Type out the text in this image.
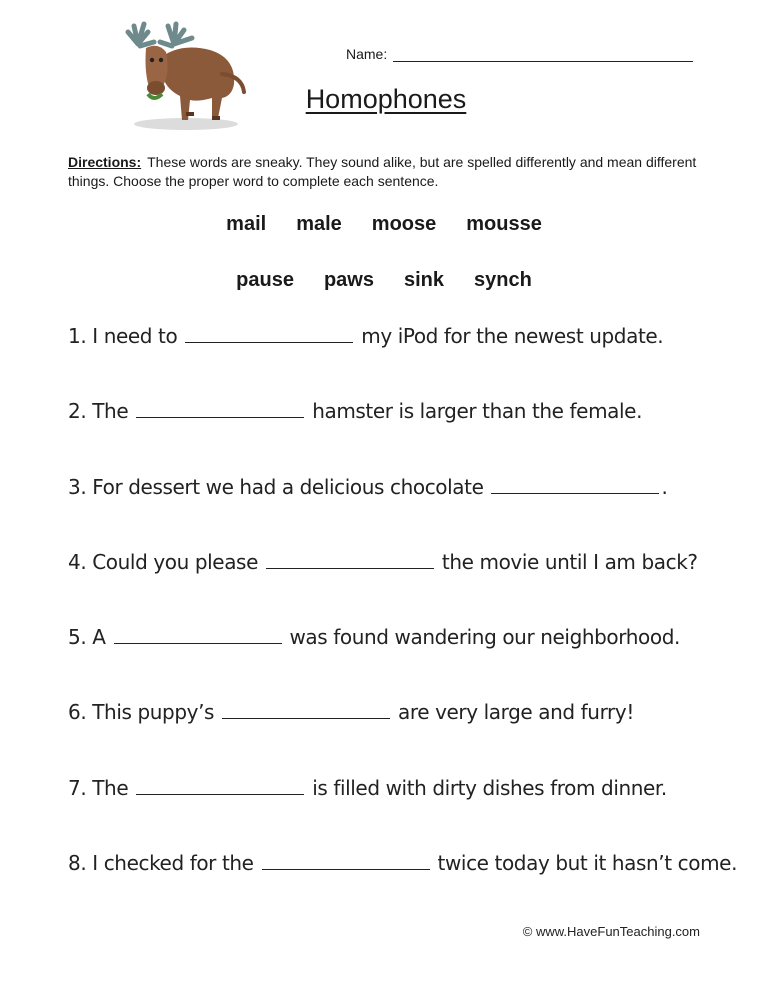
Name:
Homophones
Directions: These words are sneaky. They sound alike, but are spelled differently and mean different things. Choose the proper word to complete each sentence.
mail male moose mousse
pause paws sink synch
1. I need to	my iPod for the newest update.
2. The	hamster is larger than the female.
3. For dessert we had a delicious chocolate	.
4. Could you please	the movie until I am back?
5. A	was found wandering our neighborhood.
6. This puppy’s	are very large and furry!
7. The	is filled with dirty dishes from dinner.
8. I checked for the	twice today but it hasn’t come.
© www.HaveFunTeaching.com
